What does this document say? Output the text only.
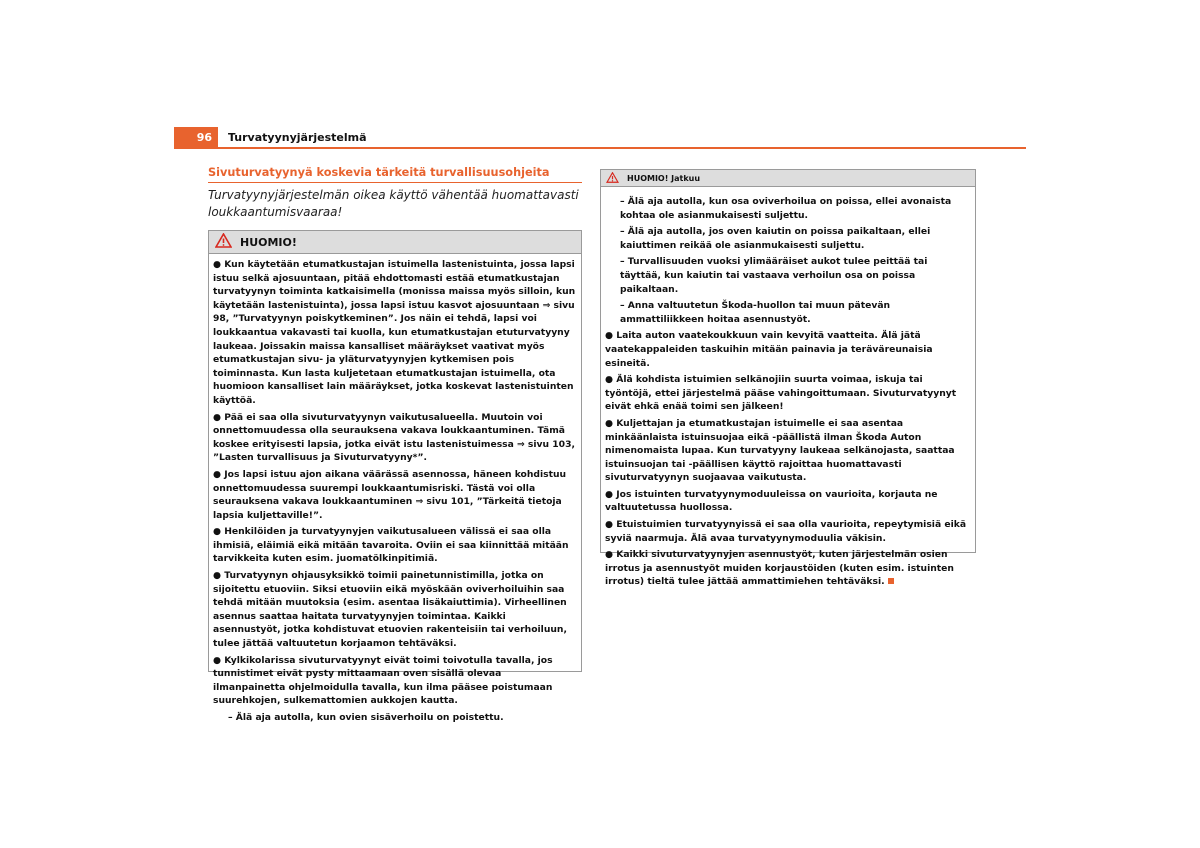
96	Turvatyynyjärjestelmä
Sivuturvatyynyä koskevia tärkeitä turvallisuusohjeita
Turvatyynyjärjestelmän oikea käyttö vähentää huomattavasti loukkaantumisvaaraa!
HUOMIO!

● Kun käytetään etumatkustajan istuimella lastenistuinta, jossa lapsi istuu selkä ajosuuntaan, pitää ehdottomasti estää etumatkustajan turvatyynyn toiminta katkaisimella (monissa maissa myös silloin, kun käytetään lastenistuinta), jossa lapsi istuu kasvot ajosuuntaan ⇒ sivu 98, ”Turvatyynyn poiskytkeminen”. Jos näin ei tehdä, lapsi voi loukkaantua vakavasti tai kuolla, kun etumatkustajan etuturvatyyny laukeaa. Joissakin maissa kansalliset määräykset vaativat myös etumatkustajan sivu- ja yläturvatyynyjen kytkemisen pois toiminnasta. Kun lasta kuljetetaan etumatkustajan istuimella, ota huomioon kansalliset lain määräykset, jotka koskevat lastenistuinten käyttöä.

● Pää ei saa olla sivuturvatyynyn vaikutusalueella. Muutoin voi onnettomuudessa olla seurauksena vakava loukkaantuminen. Tämä koskee erityisesti lapsia, jotka eivät istu lastenistuimessa ⇒ sivu 103, ”Lasten turvallisuus ja Sivuturvatyyny*”.

● Jos lapsi istuu ajon aikana väärässä asennossa, häneen kohdistuu onnettomuudessa suurempi loukkaantumisriski. Tästä voi olla seurauksena vakava loukkaantuminen ⇒ sivu 101, ”Tärkeitä tietoja lapsia kuljettaville!”.

● Henkilöiden ja turvatyynyjen vaikutusalueen välissä ei saa olla ihmisiä, eläimiä eikä mitään tavaroita. Oviin ei saa kiinnittää mitään tarvikkeita kuten esim. juomatölkinpitimiä.

● Turvatyynyn ohjausyksikkö toimii painetunnistimilla, jotka on sijoitettu etuoviin. Siksi etuoviin eikä myöskään oviverhoiluihin saa tehdä mitään muutoksia (esim. asentaa lisäkaiuttimia). Virheellinen asennus saattaa haitata turvatyynyjen toimintaa. Kaikki asennustyöt, jotka kohdistuvat etuovien rakenteisiin tai verhoiluun, tulee jättää valtuutetun korjaamon tehtäväksi.

● Kylkikolarissa sivuturvatyynyt eivät toimi toivotulla tavalla, jos tunnistimet eivät pysty mittaamaan oven sisällä olevaa ilmanpainetta ohjelmoidulla tavalla, kun ilma pääsee poistumaan suurehkojen, sulkemattomien aukkojen kautta.

– Älä aja autolla, kun ovien sisäverhoilu on poistettu.

HUOMIO! Jatkuu

– Älä aja autolla, kun osa oviverhoilua on poissa, ellei avonaista kohtaa ole asianmukaisesti suljettu.

– Älä aja autolla, jos oven kaiutin on poissa paikaltaan, ellei kaiuttimen reikää ole asianmukaisesti suljettu.

– Turvallisuuden vuoksi ylimääräiset aukot tulee peittää tai täyttää, kun kaiutin tai vastaava verhoilun osa on poissa paikaltaan.

– Anna valtuutetun Škoda-huollon tai muun pätevän ammattiliikkeen hoitaa asennustyöt.

● Laita auton vaatekoukkuun vain kevyitä vaatteita. Älä jätä vaatekappaleiden taskuihin mitään painavia ja teräväreunaisia esineitä.

● Älä kohdista istuimien selkänojiin suurta voimaa, iskuja tai työntöjä, ettei järjestelmä pääse vahingoittumaan. Sivuturvatyynyt eivät ehkä enää toimi sen jälkeen!

● Kuljettajan ja etumatkustajan istuimelle ei saa asentaa minkäänlaista istuinsuojaa eikä -päällistä ilman Škoda Auton nimenomaista lupaa. Kun turvatyyny laukeaa selkänojasta, saattaa istuinsuojan tai -päällisen käyttö rajoittaa huomattavasti sivuturvatyynyn suojaavaa vaikutusta.

● Jos istuinten turvatyynymoduuleissa on vaurioita, korjauta ne valtuutetussa huollossa.

● Etuistuimien turvatyynyissä ei saa olla vaurioita, repeytymisiä eikä syviä naarmuja. Älä avaa turvatyynymoduulia väkisin.

● Kaikki sivuturvatyynyjen asennustyöt, kuten järjestelmän osien irrotus ja asennustyöt muiden korjaustöiden (kuten esim. istuinten irrotus) tieltä tulee jättää ammattimiehen tehtäväksi.
